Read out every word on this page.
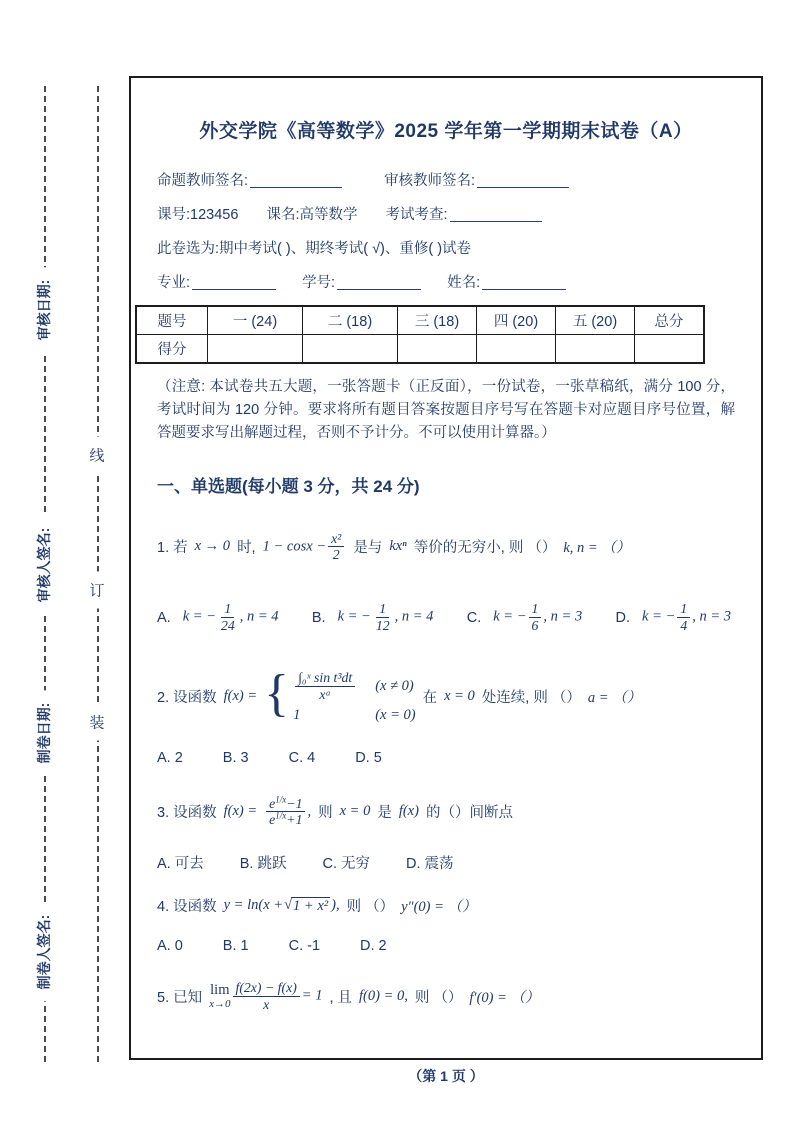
审核日期:
审核人签名:
制卷日期:
制卷人签名:
线
订
装
外交学院《高等数学》2025 学年第一学期期末试卷（A）
命题教师签名:	审核教师签名:
课号:123456 课名:高等数学 考试考查:
此卷选为:期中考试( )、期终考试( √)、重修( )试卷
专业:	学号:	姓名:
题号	一 (24)	二 (18)	三 (18)	四 (20)	五 (20)	总分
得分						
（注意: 本试卷共五大题，一张答题卡（正反面），一份试卷，一张草稿纸，满分 100 分，考试时间为 120 分钟。要求将所有题目答案按题目序号写在答题卡对应题目序号位置，解答题要求写出解题过程，否则不予计分。不可以使用计算器。）
一、单选题(每小题 3 分，共 24 分)
1. 若 x → 0 时, $1 - \cos x - \frac{\text{x²}}{2}$ 是与 kxⁿ 等价的无穷小, 则 （） k, n = （）
A. k = − $\frac{1}{24}$ , n = 4 B. k = − $\frac{1}{12}$ , n = 4 C. k = − $\frac{1}{6}$ , n = 3 D. k = − $\frac{1}{4}$ , n = 3
2. 设函数 f(x) = { $\frac{\text{∫₀ˣ sin t³dt}}{\text{xᵃ}} (x \ne 0)$
1	(x = 0)
在 x = 0 处连续, 则 （） a = （）
A. 2	B. 3	C. 4	D. 5
3. 设函数 $f(x) = \frac{e^{1/x}-1}{e^{1/x}+1}$ , 则 x = 0 是 f(x) 的（）间断点
A. 可去 B. 跳跃 C. 无穷 D. 震荡
4. 设函数 y = ln(x + √ 1 + x² ), 则 （） y″(0) = （）
A. 0	B. 1	C. -1	D. 2
5. 已知 lim
$x\to 0 \frac{f(2x) - f(x)}{x} = 1$ , 且 f(0) = 0, 则 （） f′(0) = （）
（第 1 页 ）
